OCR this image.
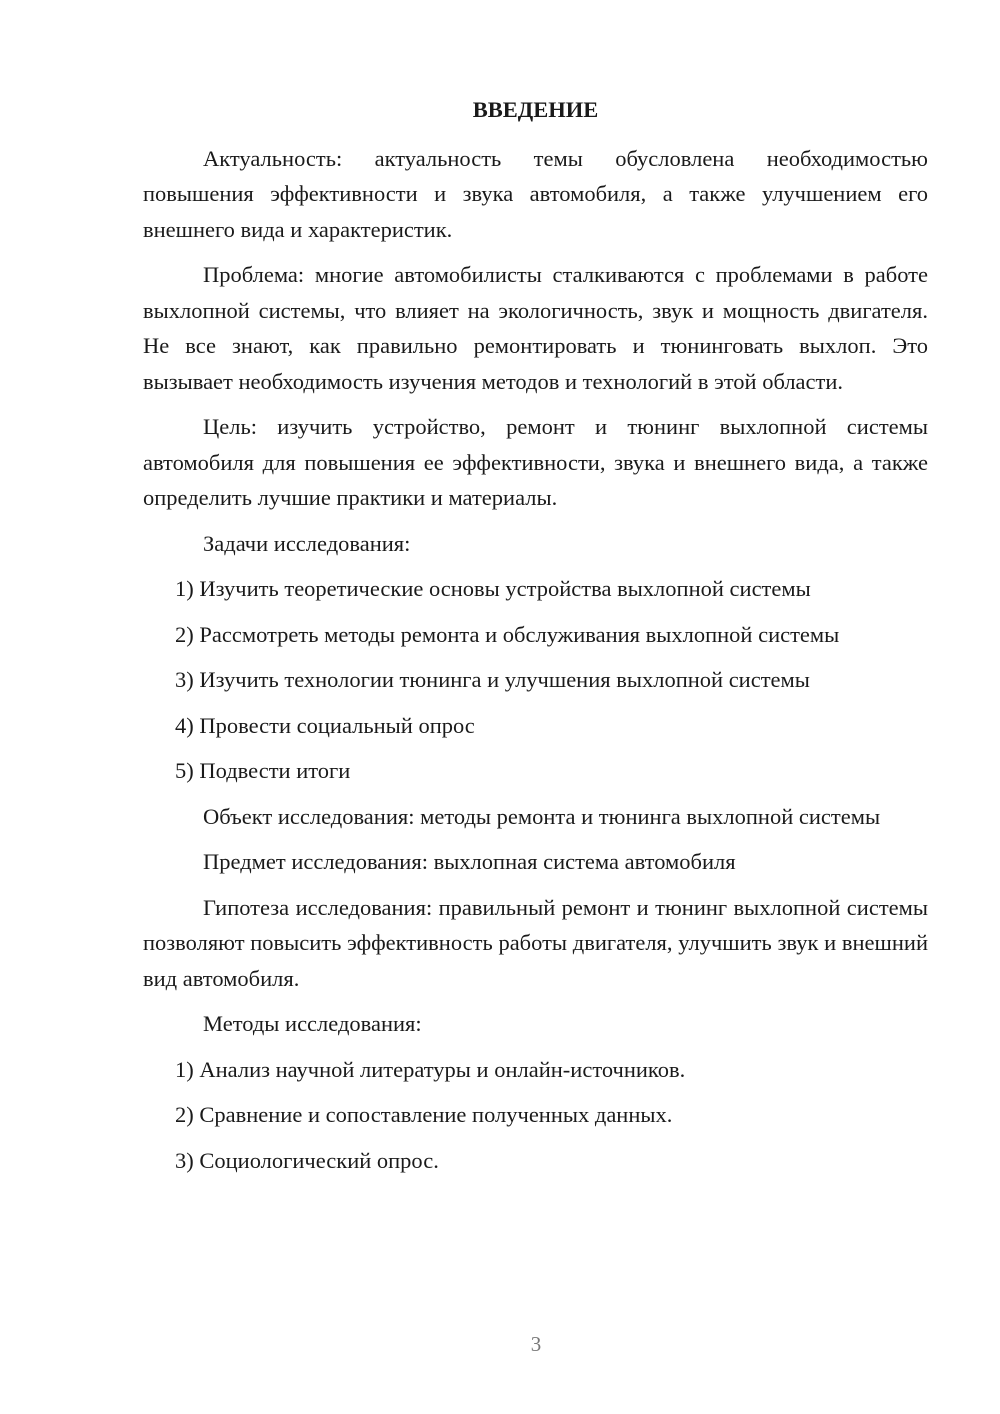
ВВЕДЕНИЕ

Актуальность: актуальность темы обусловлена необходимостью повышения эффективности и звука автомобиля, а также улучшением его внешнего вида и характеристик.

Проблема: многие автомобилисты сталкиваются с проблемами в работе выхлопной системы, что влияет на экологичность, звук и мощность двигателя. Не все знают, как правильно ремонтировать и тюнинговать выхлоп. Это вызывает необходимость изучения методов и технологий в этой области.

Цель: изучить устройство, ремонт и тюнинг выхлопной системы автомобиля для повышения ее эффективности, звука и внешнего вида, а также определить лучшие практики и материалы.

Задачи исследования:

1) Изучить теоретические основы устройства выхлопной системы

2) Рассмотреть методы ремонта и обслуживания выхлопной системы

3) Изучить технологии тюнинга и улучшения выхлопной системы

4) Провести социальный опрос

5) Подвести итоги

Объект исследования: методы ремонта и тюнинга выхлопной системы

Предмет исследования: выхлопная система автомобиля

Гипотеза исследования: правильный ремонт и тюнинг выхлопной системы позволяют повысить эффективность работы двигателя, улучшить звук и внешний вид автомобиля.

Методы исследования:

1) Анализ научной литературы и онлайн-источников.

2) Сравнение и сопоставление полученных данных.

3) Социологический опрос.

3
